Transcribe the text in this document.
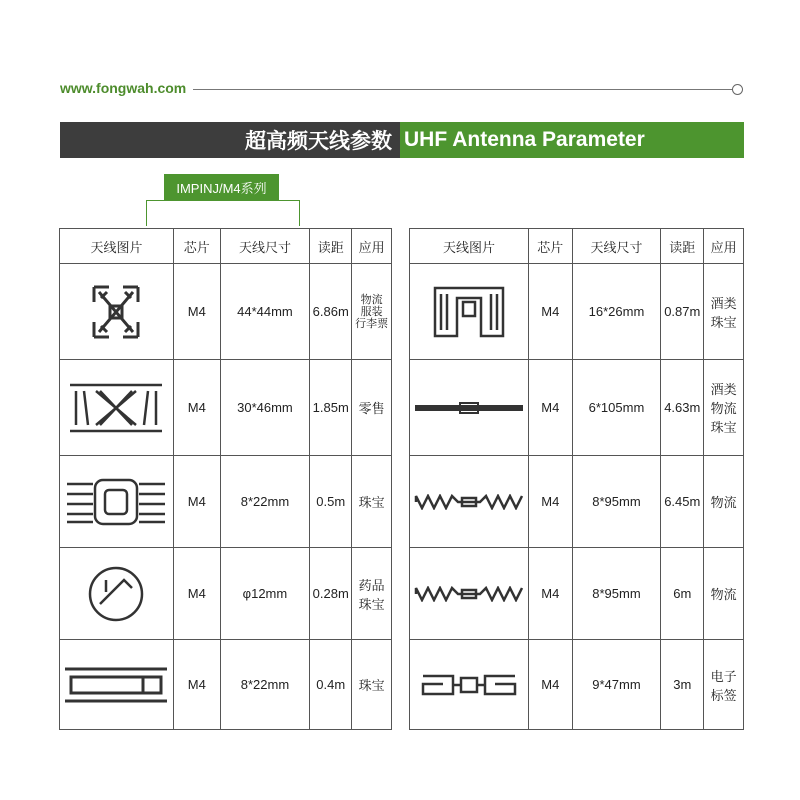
www.fongwah.com
超高频天线参数 UHF Antenna Parameter
IMPINJ/M4系列
天线图片	芯片	天线尺寸	读距	应用

	M4	44*44mm	6.86m	物流
服装
行李票

	M4	30*46mm	1.85m	零售

	M4	8*22mm	0.5m	珠宝

	M4	φ12mm	0.28m	药品
珠宝

	M4	8*22mm	0.4m	珠宝
天线图片	芯片	天线尺寸	读距	应用

	M4	16*26mm	0.87m	酒类
珠宝

	M4	6*105mm	4.63m	酒类
物流
珠宝

	M4	8*95mm	6.45m	物流

	M4	8*95mm	6m	物流

	M4	9*47mm	3m	电子
标签
